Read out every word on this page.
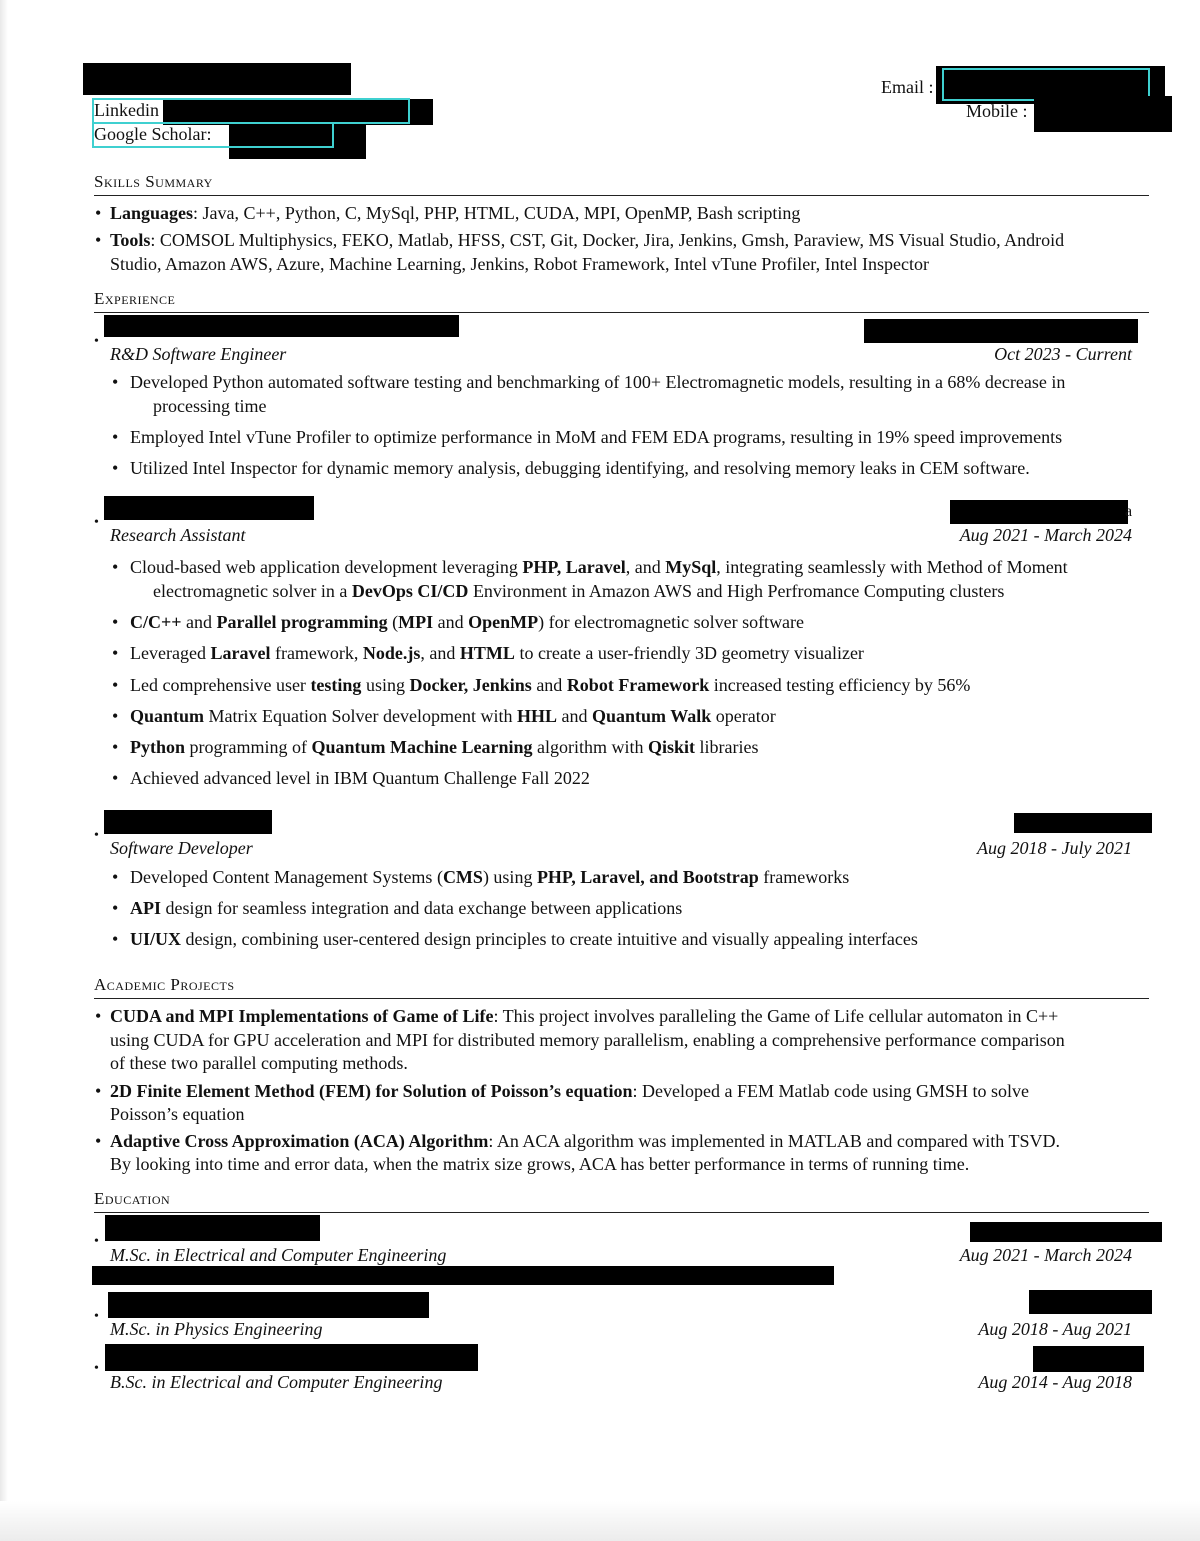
Linkedin
Google Scholar:
Email :
Mobile :
Skills Summary
• Languages: Java, C++, Python, C, MySql, PHP, HTML, CUDA, MPI, OpenMP, Bash scripting
• Tools: COMSOL Multiphysics, FEKO, Matlab, HFSS, CST, Git, Docker, Jira, Jenkins, Gmsh, Paraview, MS Visual Studio, Android
Studio, Amazon AWS, Azure, Machine Learning, Jenkins, Robot Framework, Intel vTune Profiler, Intel Inspector
Experience
•
R&D Software Engineer	Oct 2023 - Current
• Developed Python automated software testing and benchmarking of 100+ Electromagnetic models, resulting in a 68% decrease in
processing time
• Employed Intel vTune Profiler to optimize performance in MoM and FEM EDA programs, resulting in 19% speed improvements
• Utilized Intel Inspector for dynamic memory analysis, debugging identifying, and resolving memory leaks in CEM software.
a
•
Research Assistant	Aug 2021 - March 2024
• Cloud-based web application development leveraging PHP, Laravel, and MySql, integrating seamlessly with Method of Moment
electromagnetic solver in a DevOps CI/CD Environment in Amazon AWS and High Perfromance Computing clusters
• C/C++ and Parallel programming (MPI and OpenMP) for electromagnetic solver software
• Leveraged Laravel framework, Node.js, and HTML to create a user-friendly 3D geometry visualizer
• Led comprehensive user testing using Docker, Jenkins and Robot Framework increased testing efficiency by 56%
• Quantum Matrix Equation Solver development with HHL and Quantum Walk operator
• Python programming of Quantum Machine Learning algorithm with Qiskit libraries
• Achieved advanced level in IBM Quantum Challenge Fall 2022
•
Software Developer	Aug 2018 - July 2021
• Developed Content Management Systems (CMS) using PHP, Laravel, and Bootstrap frameworks
• API design for seamless integration and data exchange between applications
• UI/UX design, combining user-centered design principles to create intuitive and visually appealing interfaces
Academic Projects
• CUDA and MPI Implementations of Game of Life: This project involves paralleling the Game of Life cellular automaton in C++
using CUDA for GPU acceleration and MPI for distributed memory parallelism, enabling a comprehensive performance comparison
of these two parallel computing methods.
• 2D Finite Element Method (FEM) for Solution of Poisson’s equation: Developed a FEM Matlab code using GMSH to solve
Poisson’s equation
• Adaptive Cross Approximation (ACA) Algorithm: An ACA algorithm was implemented in MATLAB and compared with TSVD.
By looking into time and error data, when the matrix size grows, ACA has better performance in terms of running time.
Education
•
M.Sc. in Electrical and Computer Engineering	Aug 2021 - March 2024
•
M.Sc. in Physics Engineering	Aug 2018 - Aug 2021
•
B.Sc. in Electrical and Computer Engineering	Aug 2014 - Aug 2018
